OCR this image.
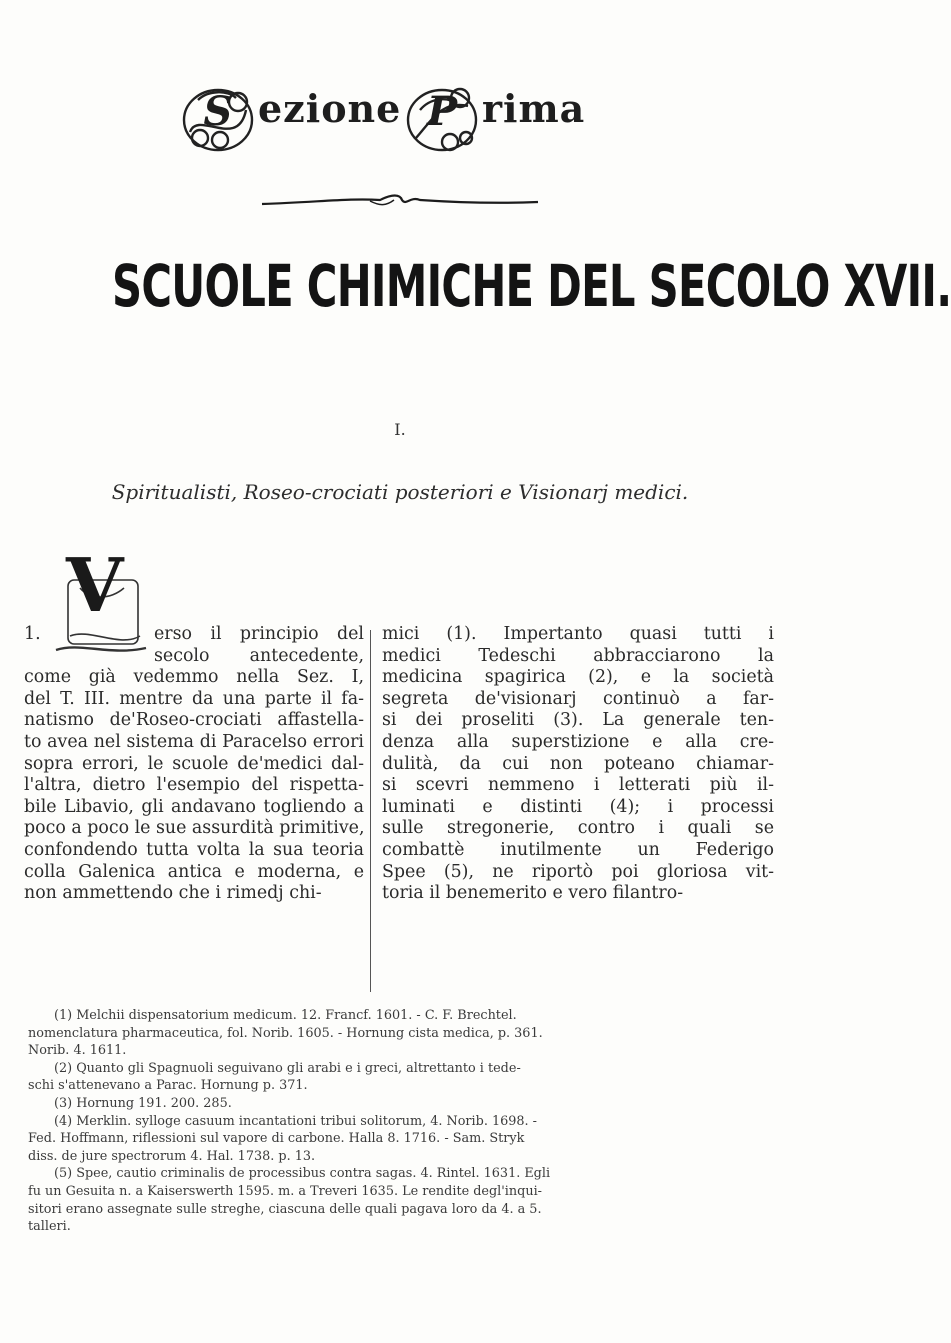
S ezione P rima
SCUOLE CHIMICHE DEL SECOLO XVII.
I.
Spiritualisti, Roseo-crociati posteriori e Visionarj medici.
1.
V
erso il principio del
secolo antecedente,
come già vedemmo nella Sez. I,
del T. III. mentre da una parte il fa-
natismo de'Roseo-crociati affastella-
to avea nel sistema di Paracelso errori
sopra errori, le scuole de'medici dal-
l'altra, dietro l'esempio del rispetta-
bile Libavio, gli andavano togliendo a
poco a poco le sue assurdità primitive,
confondendo tutta volta la sua teoria
colla Galenica antica e moderna, e
non ammettendo che i rimedj chi-
mici (1). Impertanto quasi tutti i
medici Tedeschi abbracciarono la
medicina spagirica (2), e la società
segreta de'visionarj continuò a far-
si dei proseliti (3). La generale ten-
denza alla superstizione e alla cre-
dulità, da cui non poteano chiamar-
si scevri nemmeno i letterati più il-
luminati e distinti (4); i processi
sulle stregonerie, contro i quali se
combattè inutilmente un Federigo
Spee (5), ne riportò poi gloriosa vit-
toria il benemerito e vero filantro-
(1) Melchii dispensatorium medicum. 12. Francf. 1601. - C. F. Brechtel.
nomenclatura pharmaceutica, fol. Norib. 1605. - Hornung cista medica, p. 361.
Norib. 4. 1611.
(2) Quanto gli Spagnuoli seguivano gli arabi e i greci, altrettanto i tede-
schi s'attenevano a Parac. Hornung p. 371.
(3) Hornung 191. 200. 285.
(4) Merklin. sylloge casuum incantationi tribui solitorum, 4. Norib. 1698. -
Fed. Hoffmann, riflessioni sul vapore di carbone. Halla 8. 1716. - Sam. Stryk
diss. de jure spectrorum 4. Hal. 1738. p. 13.
(5) Spee, cautio criminalis de processibus contra sagas. 4. Rintel. 1631. Egli
fu un Gesuita n. a Kaiserswerth 1595. m. a Treveri 1635. Le rendite degl'inqui-
sitori erano assegnate sulle streghe, ciascuna delle quali pagava loro da 4. a 5.
talleri.
